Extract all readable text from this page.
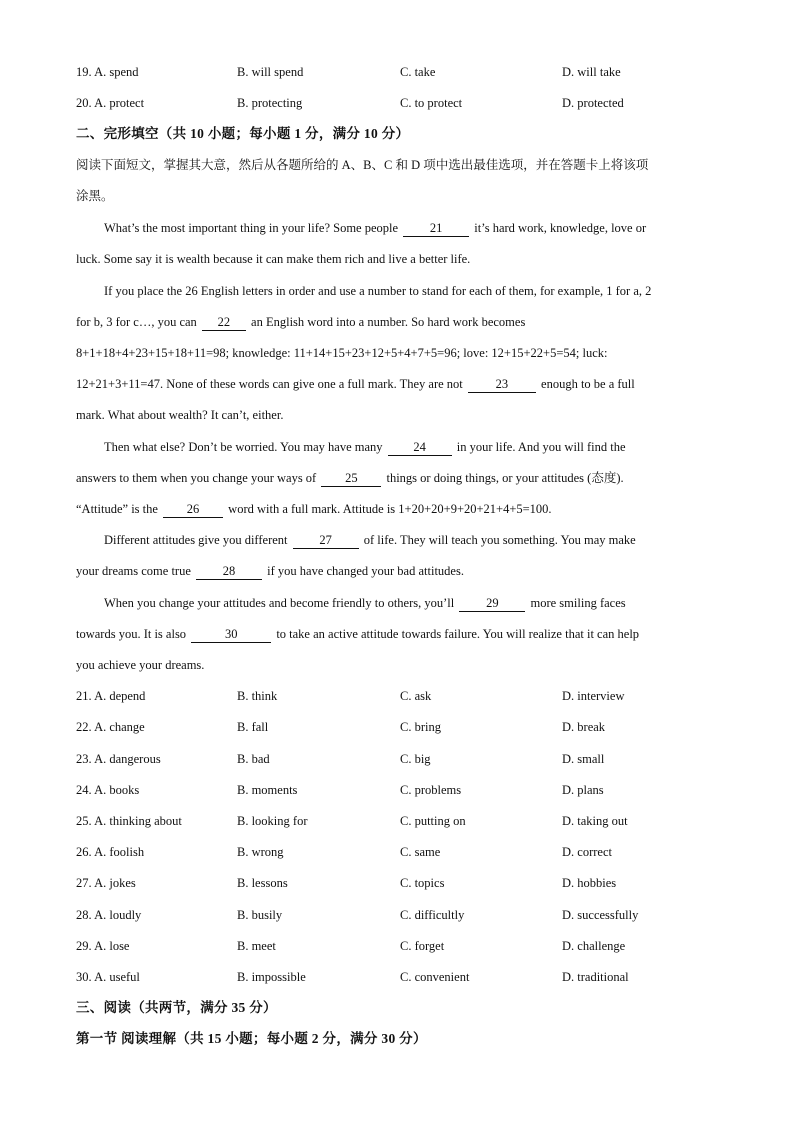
19. A. spend	B. will spend	C. take	D. will take
20. A. protect	B. protecting	C. to protect	D. protected
二、完形填空（共 10 小题；每小题 1 分，满分 10 分）
阅读下面短文，掌握其大意，然后从各题所给的 A、B、C 和 D 项中选出最佳选项，并在答题卡上将该项
涂黑。
What’s the most important thing in your life? Some people 21 it’s hard work, knowledge, love or
luck. Some say it is wealth because it can make them rich and live a better life.
If you place the 26 English letters in order and use a number to stand for each of them, for example, 1 for a, 2
for b, 3 for c…, you can 22 an English word into a number. So hard work becomes
8+1+18+4+23+15+18+11=98; knowledge: 11+14+15+23+12+5+4+7+5=96; love: 12+15+22+5=54; luck:
12+21+3+11=47. None of these words can give one a full mark. They are not 23 enough to be a full
mark. What about wealth? It can’t, either.
Then what else? Don’t be worried. You may have many 24 in your life. And you will find the
answers to them when you change your ways of 25 things or doing things, or your attitudes (态度).
“Attitude” is the 26 word with a full mark. Attitude is 1+20+20+9+20+21+4+5=100.
Different attitudes give you different 27 of life. They will teach you something. You may make
your dreams come true 28 if you have changed your bad attitudes.
When you change your attitudes and become friendly to others, you’ll 29 more smiling faces
towards you. It is also	30	to take an active attitude towards failure. You will realize that it can help
you achieve your dreams.
21. A. depend	B. think	C. ask	D. interview
22. A. change	B. fall	C. bring	D. break
23. A. dangerous	B. bad	C. big	D. small
24. A. books	B. moments	C. problems	D. plans
25. A. thinking about	B. looking for	C. putting on	D. taking out
26. A. foolish	B. wrong	C. same	D. correct
27. A. jokes	B. lessons	C. topics	D. hobbies
28. A. loudly	B. busily	C. difficultly	D. successfully
29. A. lose	B. meet	C. forget	D. challenge
30. A. useful	B. impossible	C. convenient	D. traditional
三、阅读（共两节，满分 35 分）
第一节 阅读理解（共 15 小题；每小题 2 分，满分 30 分）
